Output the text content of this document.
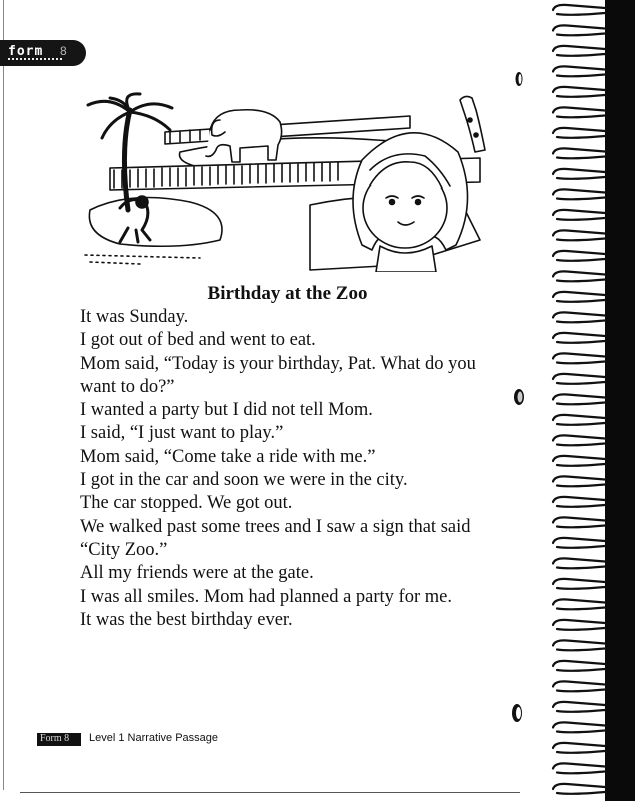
form 8
Birthday at the Zoo
It was Sunday.
I got out of bed and went to eat.
Mom said, “Today is your birthday, Pat. What do you
want to do?”
I wanted a party but I did not tell Mom.
I said, “I just want to play.”
Mom said, “Come take a ride with me.”
I got in the car and soon we were in the city.
The car stopped. We got out.
We walked past some trees and I saw a sign that said
“City Zoo.”
All my friends were at the gate.
I was all smiles. Mom had planned a party for me.
It was the best birthday ever.
Form 8 Level 1 Narrative Passage
